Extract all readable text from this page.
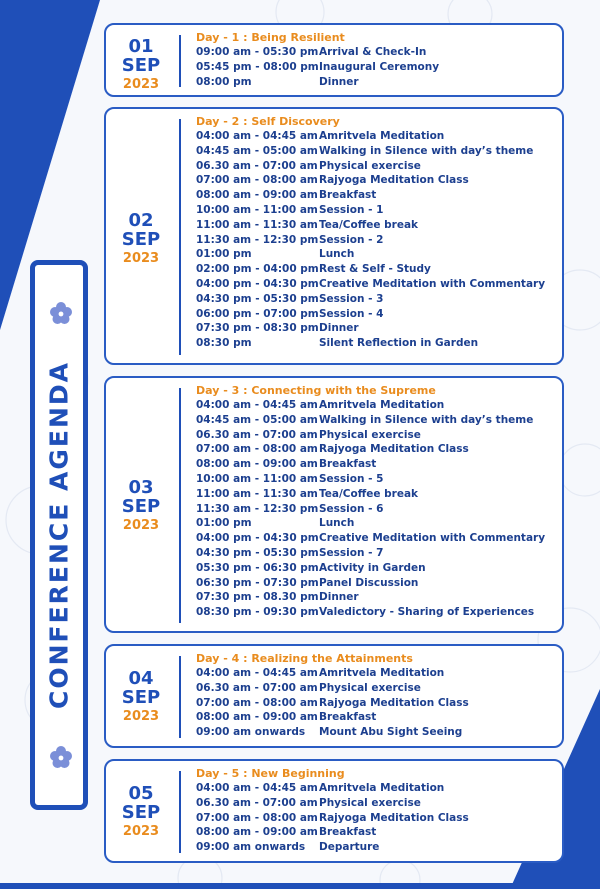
CONFERENCE AGENDA
01
SEP
2023
Day - 1 : Being Resilient
09:00 am - 05:30 pm Arrival & Check-In
05:45 pm - 08:00 pm Inaugural Ceremony
08:00 pm	Dinner
02
SEP
2023
Day - 2 : Self Discovery
04:00 am - 04:45 am Amritvela Meditation
04:45 am - 05:00 am Walking in Silence with day’s theme
06.30 am - 07:00 am Physical exercise
07:00 am - 08:00 am Rajyoga Meditation Class
08:00 am - 09:00 am Breakfast
10:00 am - 11:00 am Session - 1
11:00 am - 11:30 am Tea/Coffee break
11:30 am - 12:30 pm Session - 2
01:00 pm	Lunch
02:00 pm - 04:00 pm Rest & Self - Study
04:00 pm - 04:30 pm Creative Meditation with Commentary
04:30 pm - 05:30 pm Session - 3
06:00 pm - 07:00 pm Session - 4
07:30 pm - 08:30 pm Dinner
08:30 pm	Silent Reflection in Garden
03
SEP
2023
Day - 3 : Connecting with the Supreme
04:00 am - 04:45 am Amritvela Meditation
04:45 am - 05:00 am Walking in Silence with day’s theme
06.30 am - 07:00 am Physical exercise
07:00 am - 08:00 am Rajyoga Meditation Class
08:00 am - 09:00 am Breakfast
10:00 am - 11:00 am Session - 5
11:00 am - 11:30 am Tea/Coffee break
11:30 am - 12:30 pm Session - 6
01:00 pm	Lunch
04:00 pm - 04:30 pm Creative Meditation with Commentary
04:30 pm - 05:30 pm Session - 7
05:30 pm - 06:30 pm Activity in Garden
06:30 pm - 07:30 pm Panel Discussion
07:30 pm - 08.30 pm Dinner
08:30 pm - 09:30 pm Valedictory - Sharing of Experiences
04
SEP
2023
Day - 4 : Realizing the Attainments
04:00 am - 04:45 am Amritvela Meditation
06.30 am - 07:00 am Physical exercise
07:00 am - 08:00 am Rajyoga Meditation Class
08:00 am - 09:00 am Breakfast
09:00 am onwards Mount Abu Sight Seeing
05
SEP
2023
Day - 5 : New Beginning
04:00 am - 04:45 am Amritvela Meditation
06.30 am - 07:00 am Physical exercise
07:00 am - 08:00 am Rajyoga Meditation Class
08:00 am - 09:00 am Breakfast
09:00 am onwards Departure
